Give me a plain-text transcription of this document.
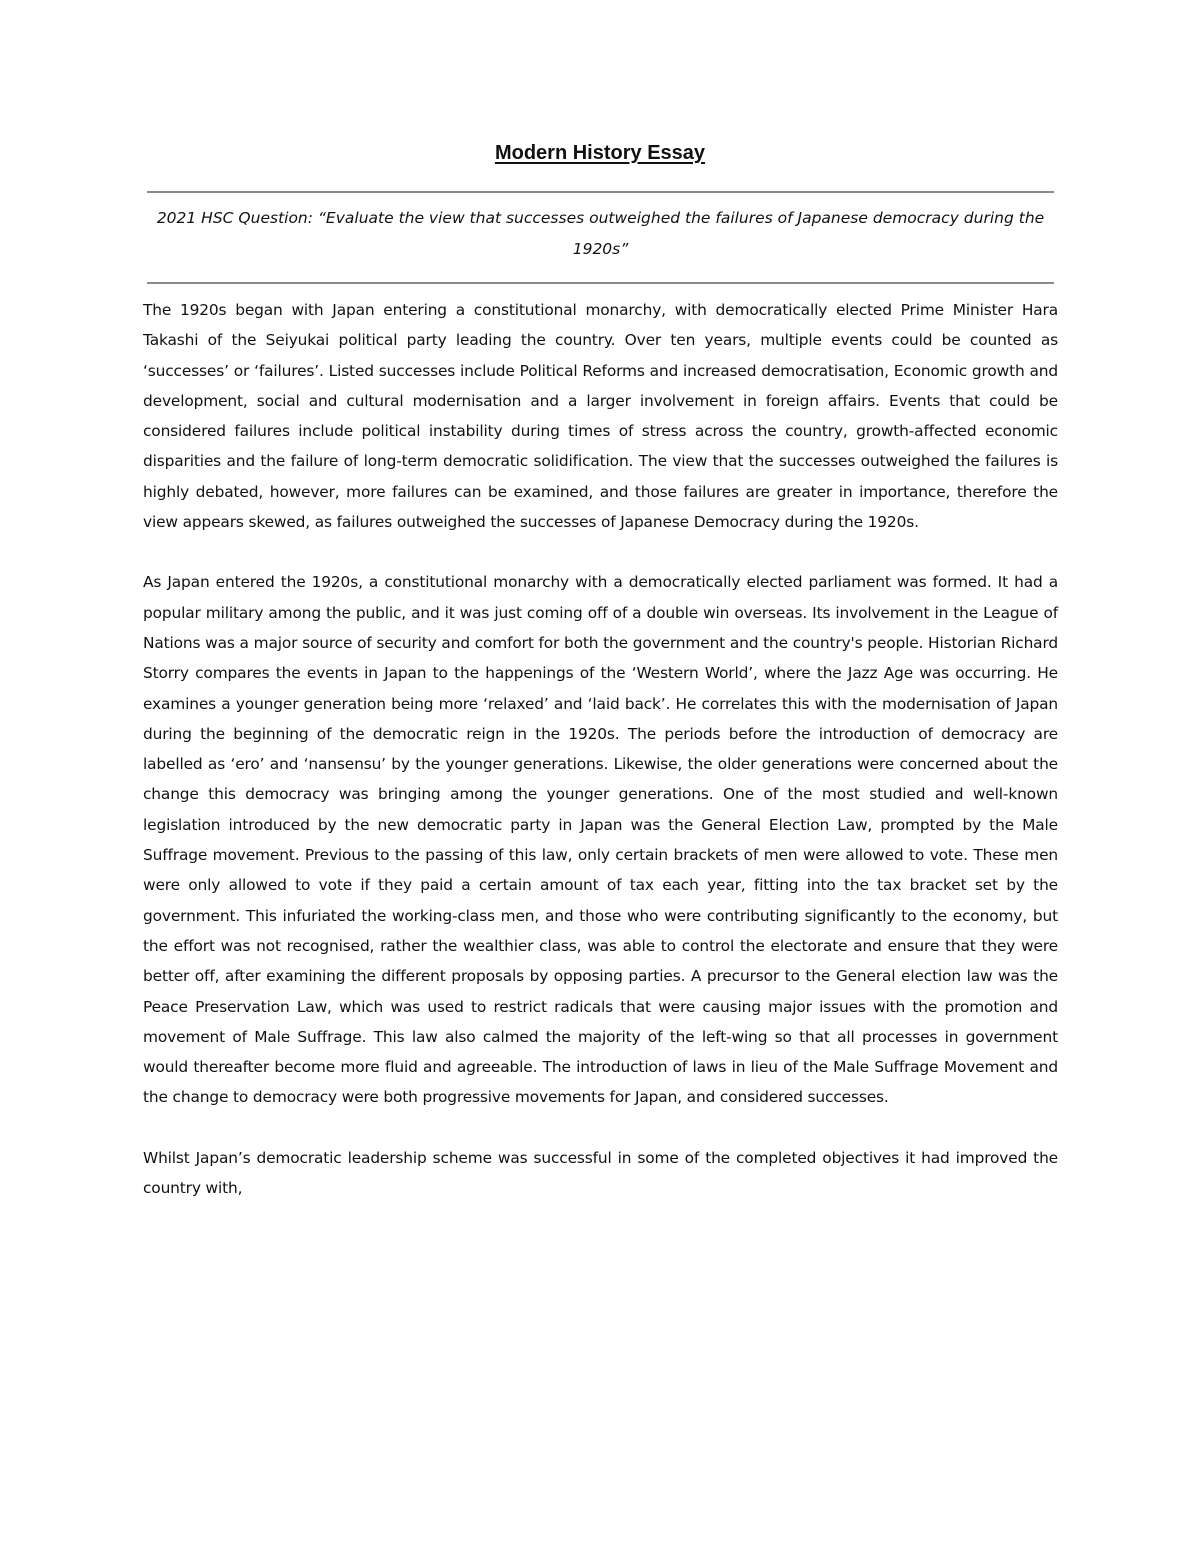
Modern History Essay

2021 HSC Question: “Evaluate the view that successes outweighed the failures of Japanese democracy during the 1920s”

The 1920s began with Japan entering a constitutional monarchy, with democratically elected Prime Minister Hara Takashi of the Seiyukai political party leading the country. Over ten years, multiple events could be counted as ‘successes’ or ‘failures’. Listed successes include Political Reforms and increased democratisation, Economic growth and development, social and cultural modernisation and a larger involvement in foreign affairs. Events that could be considered failures include political instability during times of stress across the country, growth-affected economic disparities and the failure of long-term democratic solidification. The view that the successes outweighed the failures is highly debated, however, more failures can be examined, and those failures are greater in importance, therefore the view appears skewed, as failures outweighed the successes of Japanese Democracy during the 1920s.

As Japan entered the 1920s, a constitutional monarchy with a democratically elected parliament was formed. It had a popular military among the public, and it was just coming off of a double win overseas. Its involvement in the League of Nations was a major source of security and comfort for both the government and the country's people. Historian Richard Storry compares the events in Japan to the happenings of the ‘Western World’, where the Jazz Age was occurring. He examines a younger generation being more ‘relaxed’ and ‘laid back’. He correlates this with the modernisation of Japan during the beginning of the democratic reign in the 1920s. The periods before the introduction of democracy are labelled as ‘ero’ and ‘nansensu’ by the younger generations. Likewise, the older generations were concerned about the change this democracy was bringing among the younger generations. One of the most studied and well-known legislation introduced by the new democratic party in Japan was the General Election Law, prompted by the Male Suffrage movement. Previous to the passing of this law, only certain brackets of men were allowed to vote. These men were only allowed to vote if they paid a certain amount of tax each year, fitting into the tax bracket set by the government. This infuriated the working-class men, and those who were contributing significantly to the economy, but the effort was not recognised, rather the wealthier class, was able to control the electorate and ensure that they were better off, after examining the different proposals by opposing parties. A precursor to the General election law was the Peace Preservation Law, which was used to restrict radicals that were causing major issues with the promotion and movement of Male Suffrage. This law also calmed the majority of the left-wing so that all processes in government would thereafter become more fluid and agreeable. The introduction of laws in lieu of the Male Suffrage Movement and the change to democracy were both progressive movements for Japan, and considered successes.

Whilst Japan’s democratic leadership scheme was successful in some of the completed objectives it had improved the country with,
